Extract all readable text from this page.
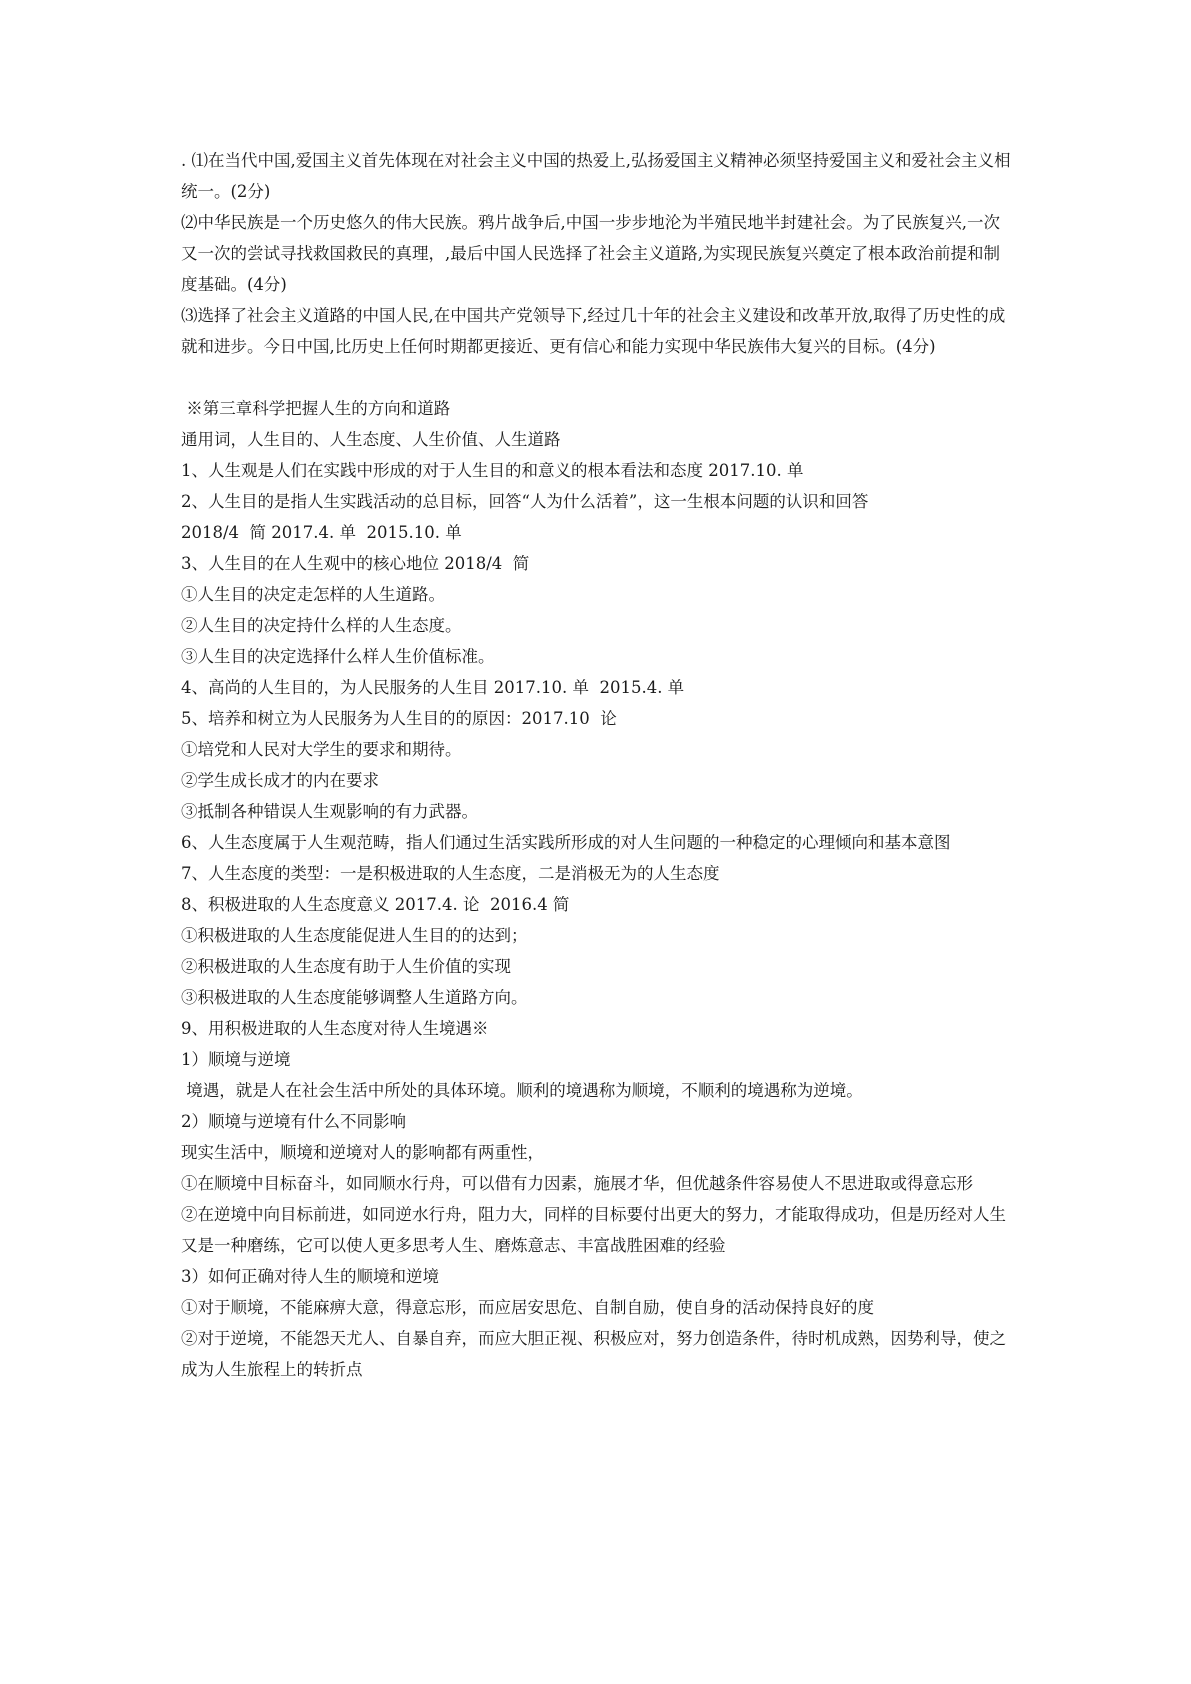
. ⑴在当代中国,爱国主义首先体现在对社会主义中国的热爱上,弘扬爱国主义精神必须坚持爱国主义和爱社会主义相统一。(2分)

⑵中华民族是一个历史悠久的伟大民族。鸦片战争后,中国一步步地沦为半殖民地半封建社会。为了民族复兴,一次又一次的尝试寻找救国救民的真理，,最后中国人民选择了社会主义道路,为实现民族复兴奠定了根本政治前提和制度基础。(4分)

⑶选择了社会主义道路的中国人民,在中国共产党领导下,经过几十年的社会主义建设和改革开放,取得了历史性的成就和进步。今日中国,比历史上任何时期都更接近、更有信心和能力实现中华民族伟大复兴的目标。(4分)

※第三章科学把握人生的方向和道路

通用词，人生目的、人生态度、人生价值、人生道路

1、人生观是人们在实践中形成的对于人生目的和意义的根本看法和态度 2017.10. 单

2、人生目的是指人生实践活动的总目标，回答“人为什么活着”，这一生根本问题的认识和回答

2018/4  简 2017.4. 单  2015.10. 单

3、人生目的在人生观中的核心地位 2018/4  简

①人生目的决定走怎样的人生道路。

②人生目的决定持什么样的人生态度。

③人生目的决定选择什么样人生价值标准。

4、高尚的人生目的，为人民服务的人生目 2017.10. 单  2015.4. 单

5、培养和树立为人民服务为人生目的的原因：2017.10  论

①培党和人民对大学生的要求和期待。

②学生成长成才的内在要求

③抵制各种错误人生观影响的有力武器。

6、人生态度属于人生观范畴，指人们通过生活实践所形成的对人生问题的一种稳定的心理倾向和基本意图

7、人生态度的类型：一是积极进取的人生态度，二是消极无为的人生态度

8、积极进取的人生态度意义 2017.4. 论  2016.4 简

①积极进取的人生态度能促进人生目的的达到；

②积极进取的人生态度有助于人生价值的实现

③积极进取的人生态度能够调整人生道路方向。

9、用积极进取的人生态度对待人生境遇※

1）顺境与逆境

境遇，就是人在社会生活中所处的具体环境。顺利的境遇称为顺境，不顺利的境遇称为逆境。

2）顺境与逆境有什么不同影响

现实生活中，顺境和逆境对人的影响都有两重性，

①在顺境中目标奋斗，如同顺水行舟，可以借有力因素，施展才华，但优越条件容易使人不思进取或得意忘形

②在逆境中向目标前进，如同逆水行舟，阻力大，同样的目标要付出更大的努力，才能取得成功，但是历经对人生又是一种磨练，它可以使人更多思考人生、磨炼意志、丰富战胜困难的经验

3）如何正确对待人生的顺境和逆境

①对于顺境，不能麻痹大意，得意忘形，而应居安思危、自制自励，使自身的活动保持良好的度

②对于逆境，不能怨天尤人、自暴自弃，而应大胆正视、积极应对，努力创造条件，待时机成熟，因势利导，使之成为人生旅程上的转折点
